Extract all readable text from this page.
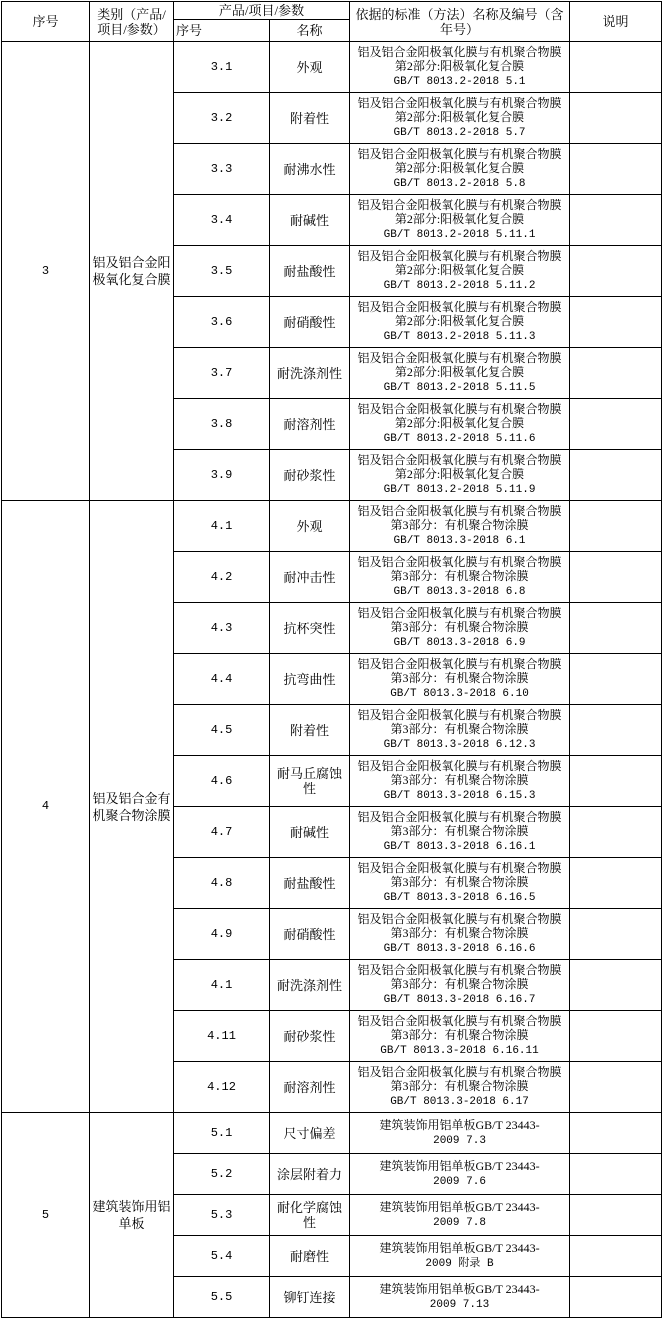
序号	类别（产品/项目/参数）	产品/项目/参数		依据的标准（方法）名称及编号（含年号）	说明
		序号	名称		
3	铝及铝合金阳极氧化复合膜	3.1	外观	铝及铝合金阳极氧化膜与有机聚合物膜 第2部分:阳极氧化复合膜
GB/T 8013.2-2018 5.1	
		3.2	附着性	铝及铝合金阳极氧化膜与有机聚合物膜 第2部分:阳极氧化复合膜
GB/T 8013.2-2018 5.7	
		3.3	耐沸水性	铝及铝合金阳极氧化膜与有机聚合物膜 第2部分:阳极氧化复合膜
GB/T 8013.2-2018 5.8	
		3.4	耐碱性	铝及铝合金阳极氧化膜与有机聚合物膜 第2部分:阳极氧化复合膜
GB/T 8013.2-2018 5.11.1	
		3.5	耐盐酸性	铝及铝合金阳极氧化膜与有机聚合物膜 第2部分:阳极氧化复合膜
GB/T 8013.2-2018 5.11.2	
		3.6	耐硝酸性	铝及铝合金阳极氧化膜与有机聚合物膜 第2部分:阳极氧化复合膜
GB/T 8013.2-2018 5.11.3	
		3.7	耐洗涤剂性	铝及铝合金阳极氧化膜与有机聚合物膜 第2部分:阳极氧化复合膜
GB/T 8013.2-2018 5.11.5	
		3.8	耐溶剂性	铝及铝合金阳极氧化膜与有机聚合物膜 第2部分:阳极氧化复合膜
GB/T 8013.2-2018 5.11.6	
		3.9	耐砂浆性	铝及铝合金阳极氧化膜与有机聚合物膜 第2部分:阳极氧化复合膜
GB/T 8013.2-2018 5.11.9	
4	铝及铝合金有机聚合物涂膜	4.1	外观	铝及铝合金阳极氧化膜与有机聚合物膜 第3部分：有机聚合物涂膜
GB/T 8013.3-2018 6.1	
		4.2	耐冲击性	铝及铝合金阳极氧化膜与有机聚合物膜 第3部分：有机聚合物涂膜
GB/T 8013.3-2018 6.8	
		4.3	抗杯突性	铝及铝合金阳极氧化膜与有机聚合物膜 第3部分：有机聚合物涂膜
GB/T 8013.3-2018 6.9	
		4.4	抗弯曲性	铝及铝合金阳极氧化膜与有机聚合物膜 第3部分：有机聚合物涂膜
GB/T 8013.3-2018 6.10	
		4.5	附着性	铝及铝合金阳极氧化膜与有机聚合物膜 第3部分：有机聚合物涂膜
GB/T 8013.3-2018 6.12.3	
		4.6	耐马丘腐蚀性	铝及铝合金阳极氧化膜与有机聚合物膜 第3部分：有机聚合物涂膜
GB/T 8013.3-2018 6.15.3	
		4.7	耐碱性	铝及铝合金阳极氧化膜与有机聚合物膜 第3部分：有机聚合物涂膜
GB/T 8013.3-2018 6.16.1	
		4.8	耐盐酸性	铝及铝合金阳极氧化膜与有机聚合物膜 第3部分：有机聚合物涂膜
GB/T 8013.3-2018 6.16.5	
		4.9	耐硝酸性	铝及铝合金阳极氧化膜与有机聚合物膜 第3部分：有机聚合物涂膜
GB/T 8013.3-2018 6.16.6	
		4.1	耐洗涤剂性	铝及铝合金阳极氧化膜与有机聚合物膜 第3部分：有机聚合物涂膜
GB/T 8013.3-2018 6.16.7	
		4.11	耐砂浆性	铝及铝合金阳极氧化膜与有机聚合物膜 第3部分：有机聚合物涂膜
GB/T 8013.3-2018 6.16.11	
		4.12	耐溶剂性	铝及铝合金阳极氧化膜与有机聚合物膜 第3部分：有机聚合物涂膜
GB/T 8013.3-2018 6.17	
5	建筑装饰用铝单板	5.1	尺寸偏差	建筑装饰用铝单板GB/T 23443-
2009 7.3	
		5.2	涂层附着力	建筑装饰用铝单板GB/T 23443-
2009 7.6	
		5.3	耐化学腐蚀性	建筑装饰用铝单板GB/T 23443-
2009 7.8	
		5.4	耐磨性	建筑装饰用铝单板GB/T 23443-
2009 附录 B	
		5.5	铆钉连接	建筑装饰用铝单板GB/T 23443-
2009 7.13	
